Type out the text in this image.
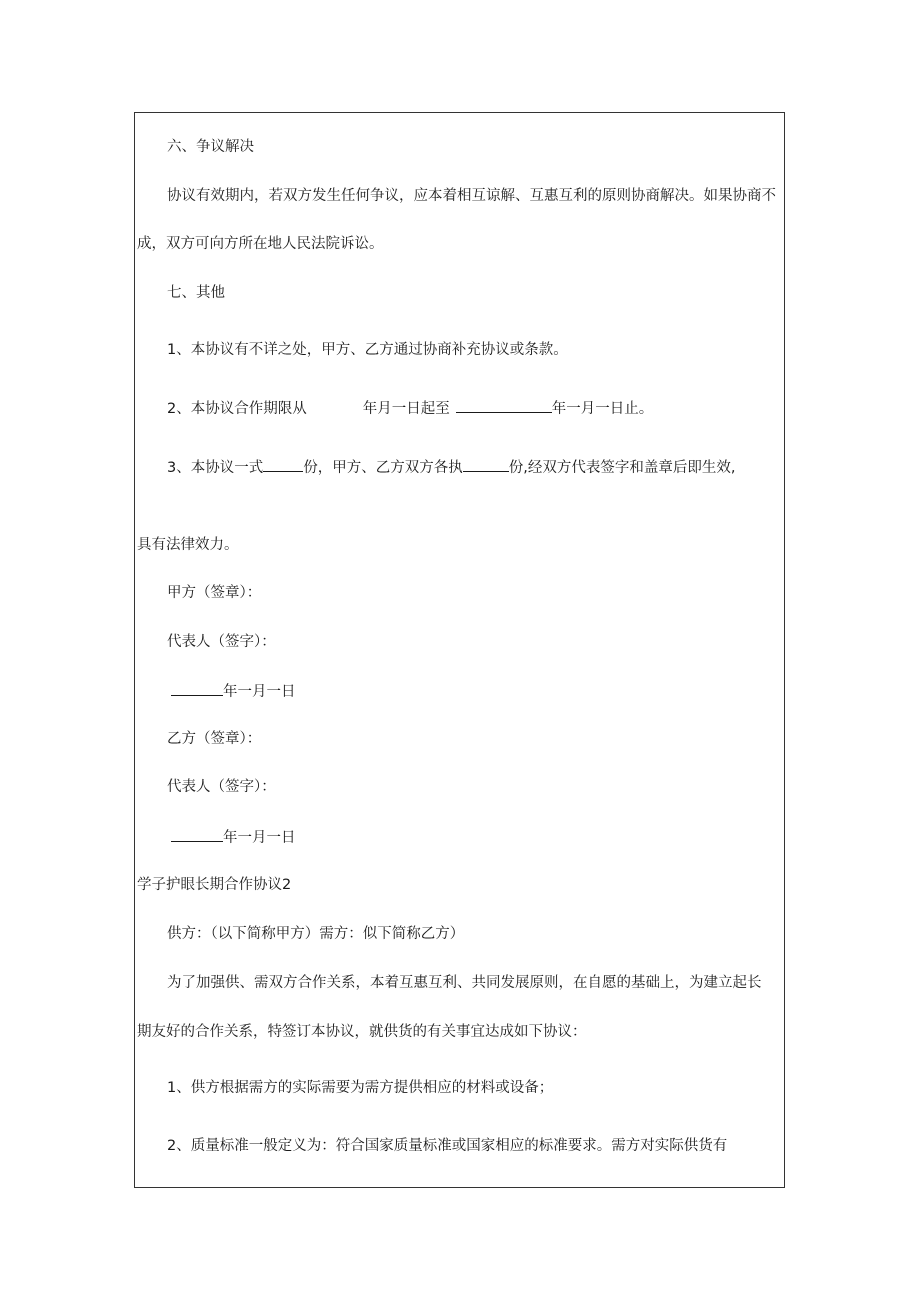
六、争议解决
协议有效期内，若双方发生任何争议，应本着相互谅解、互惠互利的原则协商解决。如果协商不
成，双方可向方所在地人民法院诉讼。
七、其他
1、本协议有不详之处，甲方、乙方通过协商补充协议或条款。
2、本协议合作期限从	年月一日起至	年一月一日止。
3、本协议一式	份，甲方、乙方双方各执	份,经双方代表签字和盖章后即生效,
具有法律效力。
甲方（签章）：
代表人（签字）：
年一月一日
乙方（签章）：
代表人（签字）：
年一月一日
学子护眼长期合作协议2
供方：（以下简称甲方）需方：似下简称乙方）
为了加强供、需双方合作关系，本着互惠互利、共同发展原则，在自愿的基础上，为建立起长
期友好的合作关系，特签订本协议，就供货的有关事宜达成如下协议：
1、供方根据需方的实际需要为需方提供相应的材料或设备；
2、质量标准一般定义为：符合国家质量标准或国家相应的标准要求。需方对实际供货有
